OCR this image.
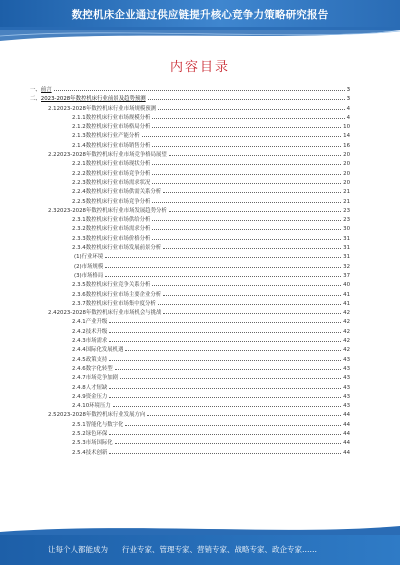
数控机床企业通过供应链提升核心竞争力策略研究报告
内容目录
一、 前言	3
二、 2023-2028年数控机床行业前景及趋势预测	3
2.1 2023-2028年数控机床行业市场规模预测	4
2.1.1 数控机床行业市场规模分析	4
2.1.2 数控机床行业市场格局分析	10
2.1.3 数控机床行业产能分析	14
2.1.4 数控机床行业市场销售分析	16
2.2 2023-2028年数控机床行业市场竞争格局展望	20
2.2.1 数控机床行业市场现状分析	20
2.2.2 数控机床行业市场竞争分析	20
2.2.3 数控机床行业市场需求状况	20
2.2.4 数控机床行业市场供需关系分析	21
2.2.5 数控机床行业市场竞争分析	21
2.3 2023-2028年数控机床行业市场发展趋势分析	23
2.3.1 数控机床行业市场供给分析	23
2.3.2 数控机床行业市场需求分析	30
2.3.3 数控机床行业市场价格分析	31
2.3.4 数控机床行业市场发展前景分析	31
(1) 行业环境	31
(2) 市场规模	32
(3) 市场格局	37
2.3.5 数控机床行业竞争关系分析	40
2.3.6 数控机床行业市场主要企业分析	41
2.3.7 数控机床行业市场集中度分析	41
2.4 2023-2028年数控机床行业市场机会与挑战	42
2.4.1 产业升级	42
2.4.2 技术升级	42
2.4.3 市场需求	42
2.4.4 国际化发展机遇	42
2.4.5 政策支持	43
2.4.6 数字化转型	43
2.4.7 市场竞争加剧	43
2.4.8 人才短缺	43
2.4.9 资金压力	43
2.4.10 环境压力	43
2.5 2023-2028年数控机床行业发展方向	44
2.5.1 智能化与数字化	44
2.5.2 绿色环保	44
2.5.3 市场国际化	44
2.5.4 技术创新	44
让每个人都能成为 行业专家、管理专家、营销专家、战略专家、政企专家……
